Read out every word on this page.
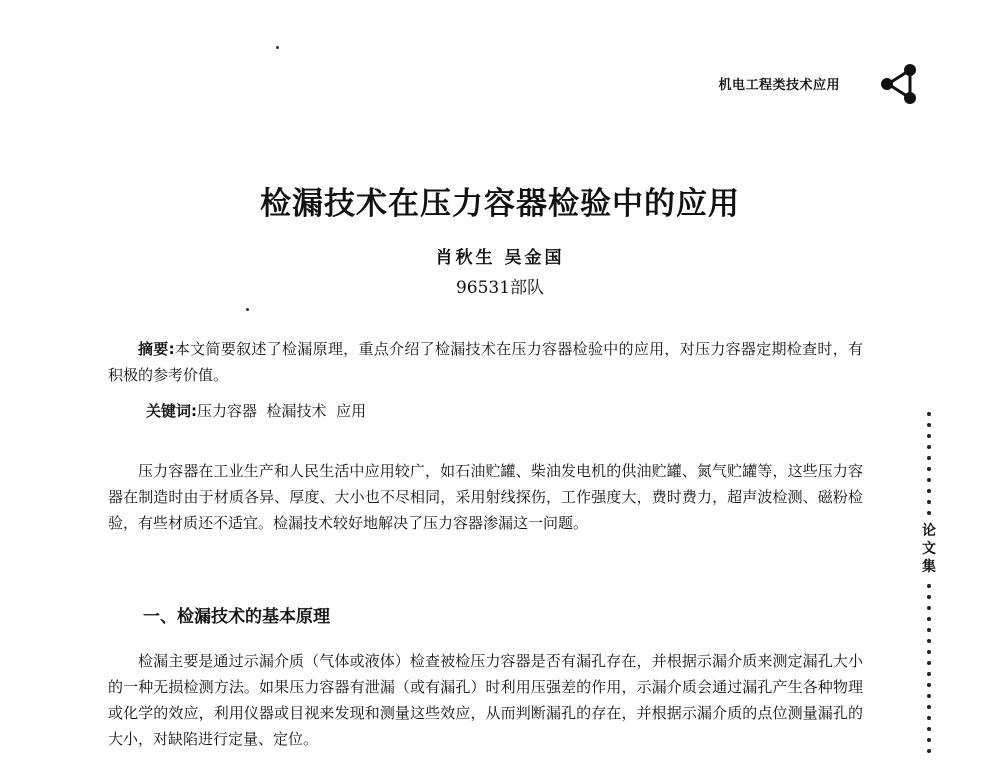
机电工程类技术应用
检漏技术在压力容器检验中的应用
肖秋生 吴金国
96531部队
摘要:本文简要叙述了检漏原理，重点介绍了检漏技术在压力容器检验中的应用，对压力容器定期检查时，有积极的参考价值。
关键词:压力容器  检漏技术  应用
压力容器在工业生产和人民生活中应用较广，如石油贮罐、柴油发电机的供油贮罐、氮气贮罐等，这些压力容器在制造时由于材质各异、厚度、大小也不尽相同，采用射线探伤，工作强度大，费时费力，超声波检测、磁粉检验，有些材质还不适宜。检漏技术较好地解决了压力容器渗漏这一问题。
一、检漏技术的基本原理
检漏主要是通过示漏介质（气体或液体）检查被检压力容器是否有漏孔存在，并根据示漏介质来测定漏孔大小的一种无损检测方法。如果压力容器有泄漏（或有漏孔）时利用压强差的作用，示漏介质会通过漏孔产生各种物理或化学的效应，利用仪器或目视来发现和测量这些效应，从而判断漏孔的存在，并根据示漏介质的点位测量漏孔的大小，对缺陷进行定量、定位。
论
文
集
